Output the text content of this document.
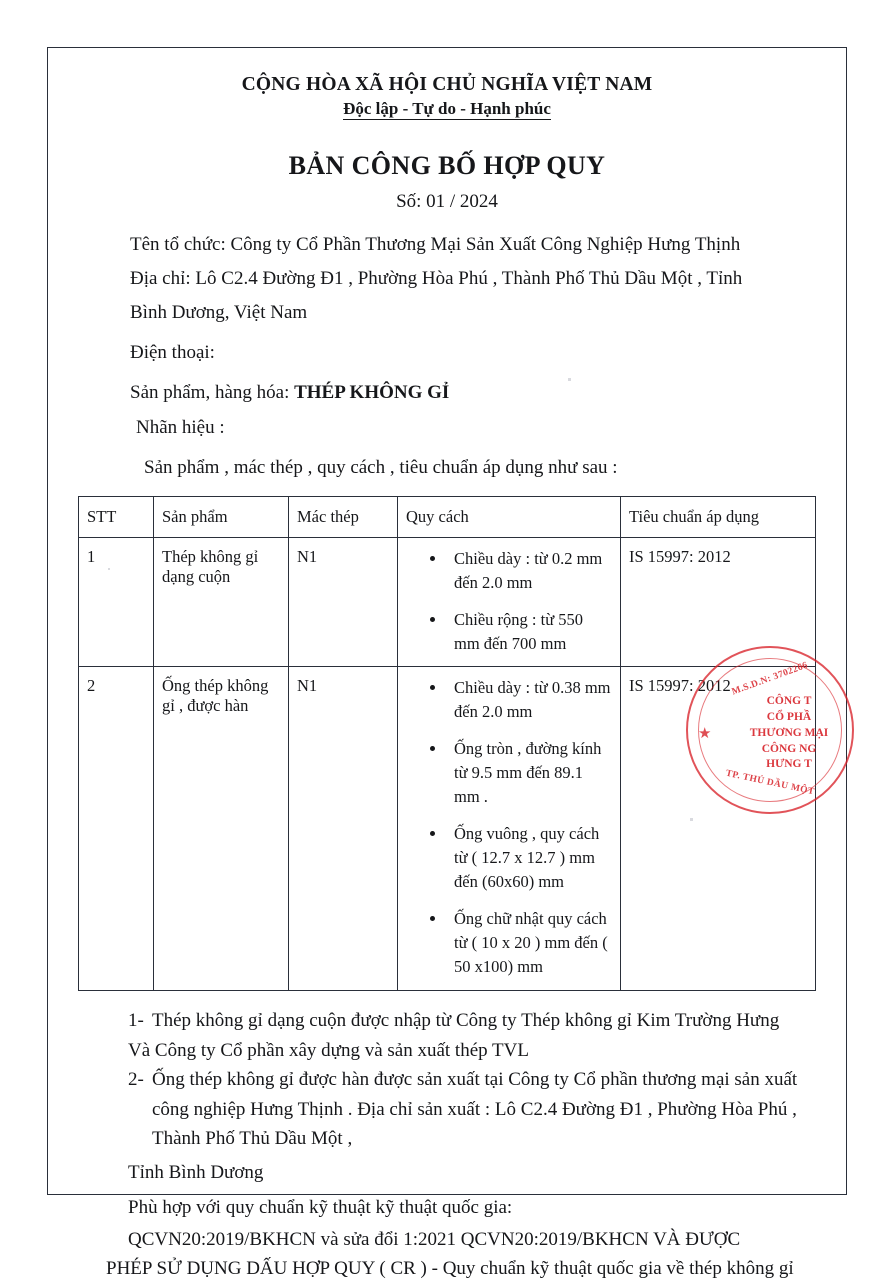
CỘNG HÒA XÃ HỘI CHỦ NGHĨA VIỆT NAM
Độc lập - Tự do - Hạnh phúc
BẢN CÔNG BỐ HỢP QUY
Số: 01 / 2024

Tên tổ chức: Công ty Cổ Phần Thương Mại Sản Xuất Công Nghiệp Hưng Thịnh

Địa chỉ: Lô C2.4 Đường Đ1 , Phường Hòa Phú , Thành Phố Thủ Dầu Một , Tỉnh

Bình Dương, Việt Nam

Điện thoại:

Sản phẩm, hàng hóa: THÉP KHÔNG GỈ

Nhãn hiệu :

Sản phẩm , mác thép , quy cách , tiêu chuẩn áp dụng như sau :

STT	Sản phẩm	Mác thép	Quy cách	Tiêu chuẩn áp dụng
1	Thép không gỉ dạng cuộn	N1	Chiều dày : từ 0.2 mm đến 2.0 mm
Chiều rộng : từ 550 mm đến 700 mm
	IS 15997: 2012
2	Ống thép không gỉ , được hàn	N1	Chiều dày : từ 0.38 mm đến 2.0 mm
Ống tròn , đường kính từ 9.5 mm đến 89.1 mm .
Ống vuông , quy cách từ ( 12.7 x 12.7 ) mm đến (60x60) mm
Ống chữ nhật quy cách từ ( 10 x 20 ) mm đến ( 50 x100) mm
	IS 15997: 2012
1- Thép không gỉ dạng cuộn được nhập từ Công ty Thép không gỉ Kim Trường Hưng
Và Công ty Cổ phần xây dựng và sản xuất thép TVL
2- Ống thép không gỉ được hàn được sản xuất tại Công ty Cổ phần thương mại sản xuất
công nghiệp Hưng Thịnh . Địa chỉ sản xuất : Lô C2.4 Đường Đ1 , Phường Hòa Phú ,
Thành Phố Thủ Dầu Một ,
Tỉnh Bình Dương
Phù hợp với quy chuẩn kỹ thuật kỹ thuật quốc gia:
QCVN20:2019/BKHCN và sửa đổi 1:2021 QCVN20:2019/BKHCN VÀ ĐƯỢC
PHÉP SỬ DỤNG DẤU HỢP QUY ( CR ) - Quy chuẩn kỹ thuật quốc gia về thép không gỉ
★
M.S.D.N: 3702266
TP. THỦ DẦU MỘT
CÔNG T
CỔ PHẦ
THƯƠNG MẠI
CÔNG NG
HƯNG T
